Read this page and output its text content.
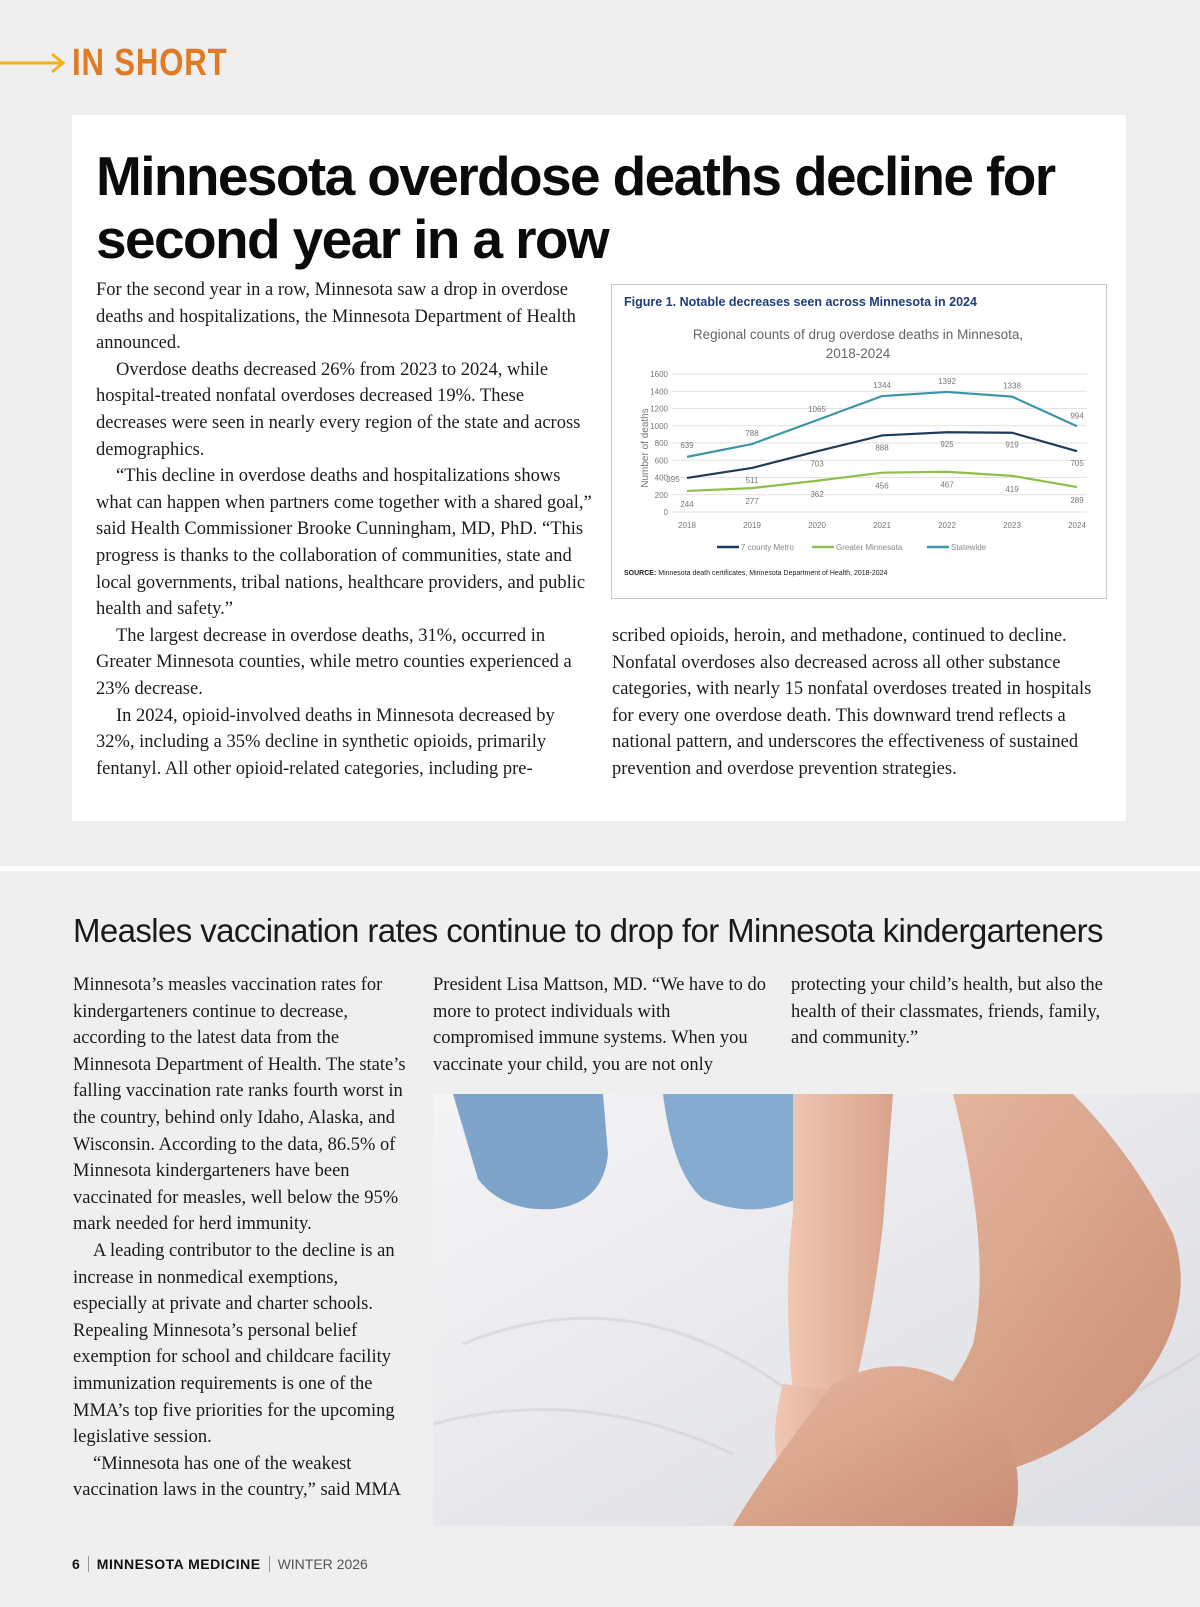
IN SHORT
Minnesota overdose deaths decline for
second year in a row

For the second year in a row, Minnesota saw a drop in overdose deaths and hospitalizations, the Minnesota Department of Health announced.

Overdose deaths decreased 26% from 2023 to 2024, while hospital-treated nonfatal overdoses decreased 19%. These decreases were seen in nearly every region of the state and across demographics.

“This decline in overdose deaths and hospitalizations shows what can happen when partners come together with a shared goal,” said Health Commissioner Brooke Cunningham, MD, PhD. “This progress is thanks to the collaboration of communities, state and local governments, tribal nations, healthcare providers, and public health and safety.”

The largest decrease in overdose deaths, 31%, occurred in Greater Minnesota counties, while metro counties experienced a 23% decrease.

In 2024, opioid-involved deaths in Minnesota decreased by 32%, including a 35% decline in synthetic opioids, primarily fentanyl. All other opioid-related categories, including pre-

Figure 1. Notable decreases seen across Minnesota in 2024
Regional counts of drug overdose deaths in Minnesota,
2018-2024
0
200
400
600
800
1000
1200
1400
1600
2018	2019	2020	2021	2022	2023	2024
395	511
703
888	925	919
705
244	277
362
456	467	419
289
639
788
1065
1344	1392
1338
994
Number of deaths
7 county Metro	Greater Minnesota	Statewide
SOURCE: Minnesota death certificates, Minnesota Department of Health, 2018-2024

scribed opioids, heroin, and methadone, continued to decline. Nonfatal overdoses also decreased across all other substance categories, with nearly 15 nonfatal overdoses treated in hospitals for every one overdose death. This downward trend reflects a national pattern, and underscores the effectiveness of sustained prevention and overdose prevention strategies.

Measles vaccination rates continue to drop for Minnesota kindergarteners

Minnesota’s measles vaccination rates for kindergarteners continue to decrease, according to the latest data from the Minnesota Department of Health. The state’s falling vaccination rate ranks fourth worst in the country, behind only Idaho, Alaska, and Wisconsin. According to the data, 86.5% of Minnesota kindergarteners have been vaccinated for measles, well below the 95% mark needed for herd immunity.

A leading contributor to the decline is an increase in nonmedical exemptions, especially at private and charter schools. Repealing Minnesota’s personal belief exemption for school and childcare facility immunization requirements is one of the MMA’s top five priorities for the upcoming legislative session.

“Minnesota has one of the weakest vaccination laws in the country,” said MMA

President Lisa Mattson, MD. “We have to do more to protect individuals with compromised immune systems. When you vaccinate your child, you are not only

protecting your child’s health, but also the health of their classmates, friends, family, and community.”

6 MINNESOTA MEDICINE WINTER 2026
